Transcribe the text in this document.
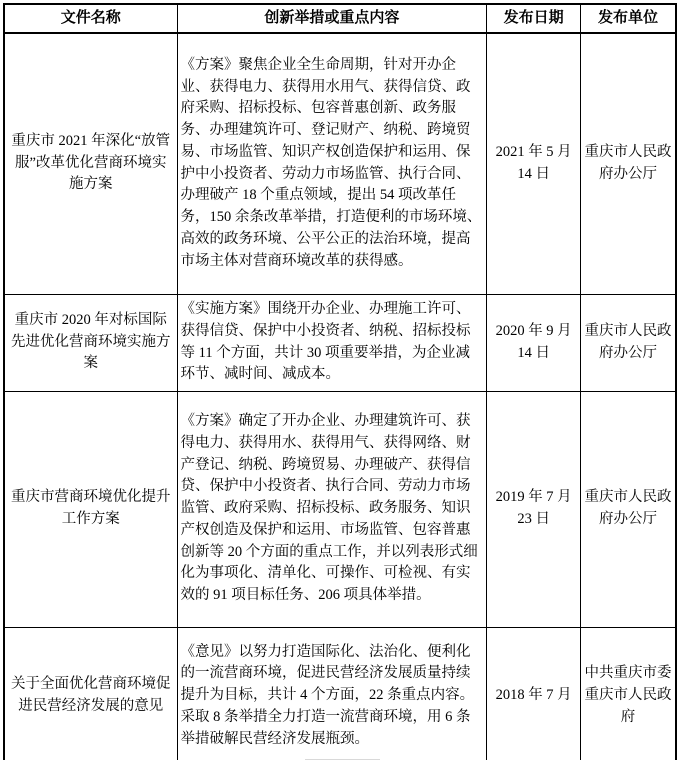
文件名称	创新举措或重点内容	发布日期	发布单位
重庆市 2021 年深化“放管服”改革优化营商环境实施方案	《方案》聚焦企业全生命周期，针对开办企业、获得电力、获得用水用气、获得信贷、政府采购、招标投标、包容普惠创新、政务服务、办理建筑许可、登记财产、纳税、跨境贸易、市场监管、知识产权创造保护和运用、保护中小投资者、劳动力市场监管、执行合同、办理破产 18 个重点领域，提出 54 项改革任务，150 余条改革举措，打造便利的市场环境、高效的政务环境、公平公正的法治环境，提高市场主体对营商环境改革的获得感。	2021 年 5 月 14 日	重庆市人民政府办公厅
重庆市 2020 年对标国际先进优化营商环境实施方案	《实施方案》围绕开办企业、办理施工许可、获得信贷、保护中小投资者、纳税、招标投标等 11 个方面，共计 30 项重要举措，为企业减环节、减时间、减成本。	2020 年 9 月 14 日	重庆市人民政府办公厅
重庆市营商环境优化提升工作方案	《方案》确定了开办企业、办理建筑许可、获得电力、获得用水、获得用气、获得网络、财产登记、纳税、跨境贸易、办理破产、获得信贷、保护中小投资者、执行合同、劳动力市场监管、政府采购、招标投标、政务服务、知识产权创造及保护和运用、市场监管、包容普惠创新等 20 个方面的重点工作，并以列表形式细化为事项化、清单化、可操作、可检视、有实效的 91 项目标任务、206 项具体举措。	2019 年 7 月 23 日	重庆市人民政府办公厅
关于全面优化营商环境促进民营经济发展的意见	《意见》以努力打造国际化、法治化、便利化的一流营商环境，促进民营经济发展质量持续提升为目标，共计 4 个方面，22 条重点内容。采取 8 条举措全力打造一流营商环境，用 6 条举措破解民营经济发展瓶颈。	2018 年 7 月	中共重庆市委重庆市人民政府
